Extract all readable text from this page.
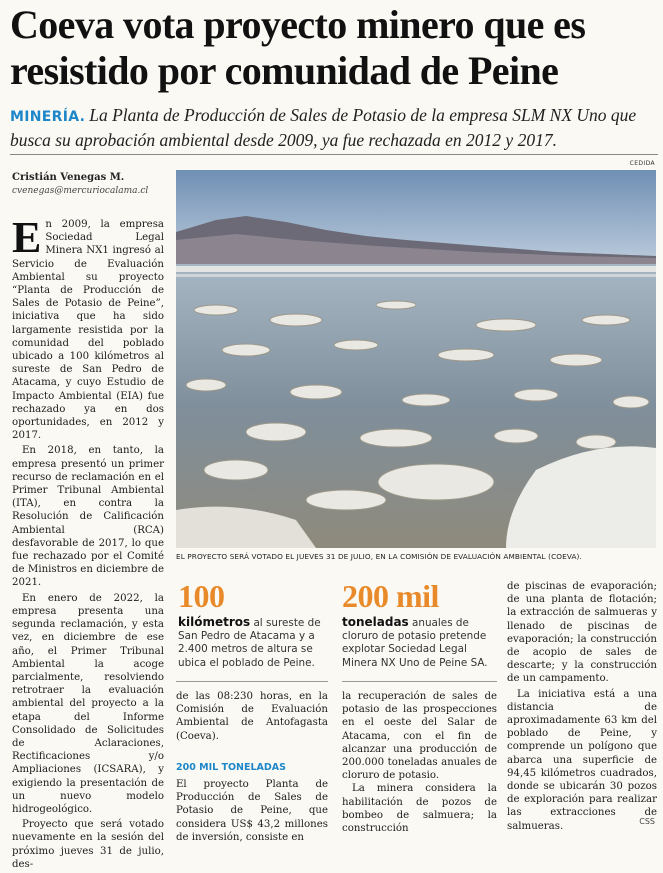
Coeva vota proyecto minero que es resistido por comunidad de Peine
MINERÍA. La Planta de Producción de Sales de Potasio de la empresa SLM NX Uno que busca su aprobación ambiental desde 2009, ya fue rechazada en 2012 y 2017.
CEDIDA
Cristián Venegas M.
cvenegas@mercuriocalama.cl

En 2009, la empresa Sociedad Legal Minera NX1 ingresó al Servicio de Evaluación Ambiental su proyecto “Planta de Producción de Sales de Potasio de Peine”, iniciativa que ha sido largamente resistida por la comunidad del poblado ubicado a 100 kilómetros al sureste de San Pedro de Atacama, y cuyo Estudio de Impacto Ambiental (EIA) fue rechazado ya en dos oportunidades, en 2012 y 2017.

En 2018, en tanto, la empresa presentó un primer recurso de reclamación en el Primer Tribunal Ambiental (ITA), en contra la Resolución de Calificación Ambiental (RCA) desfavorable de 2017, lo que fue rechazado por el Comité de Ministros en diciembre de 2021.

En enero de 2022, la empresa presenta una segunda reclamación, y esta vez, en diciembre de ese año, el Primer Tribunal Ambiental la acoge parcialmente, resolviendo retrotraer la evaluación ambiental del proyecto a la etapa del Informe Consolidado de Solicitudes de Aclaraciones, Rectificaciones y/o Ampliaciones (ICSARA), y exigiendo la presentación de un nuevo modelo hidrogeológico.

Proyecto que será votado nuevamente en la sesión del próximo jueves 31 de julio, des-

EL PROYECTO SERÁ VOTADO EL JUEVES 31 DE JULIO, EN LA COMISIÓN DE EVALUACIÓN AMBIENTAL (COEVA).
100
kilómetros al sureste de San Pedro de Atacama y a 2.400 metros de altura se ubica el poblado de Peine.
200 mil
toneladas anuales de cloruro de potasio pretende explotar Sociedad Legal Minera NX Uno de Peine SA.

de las 08:230 horas, en la Comisión de Evaluación Ambiental de Antofagasta (Coeva).

200 MIL TONELADAS

El proyecto Planta de Producción de Sales de Potasio de Peine, que considera US$ 43,2 millones de inversión, consiste en

la recuperación de sales de potasio de las prospecciones en el oeste del Salar de Atacama, con el fin de alcanzar una producción de 200.000 toneladas anuales de cloruro de potasio.

La minera considera la habilitación de pozos de bombeo de salmuera; la construcción

de piscinas de evaporación; de una planta de flotación; la extracción de salmueras y llenado de piscinas de evaporación; la construcción de acopio de sales de descarte; y la construcción de un campamento.

La iniciativa está a una distancia de aproximadamente 63 km del poblado de Peine, y comprende un polígono que abarca una superficie de 94,45 kilómetros cuadrados, donde se ubicarán 30 pozos de exploración para realizar las extracciones de salmueras.	CSS
